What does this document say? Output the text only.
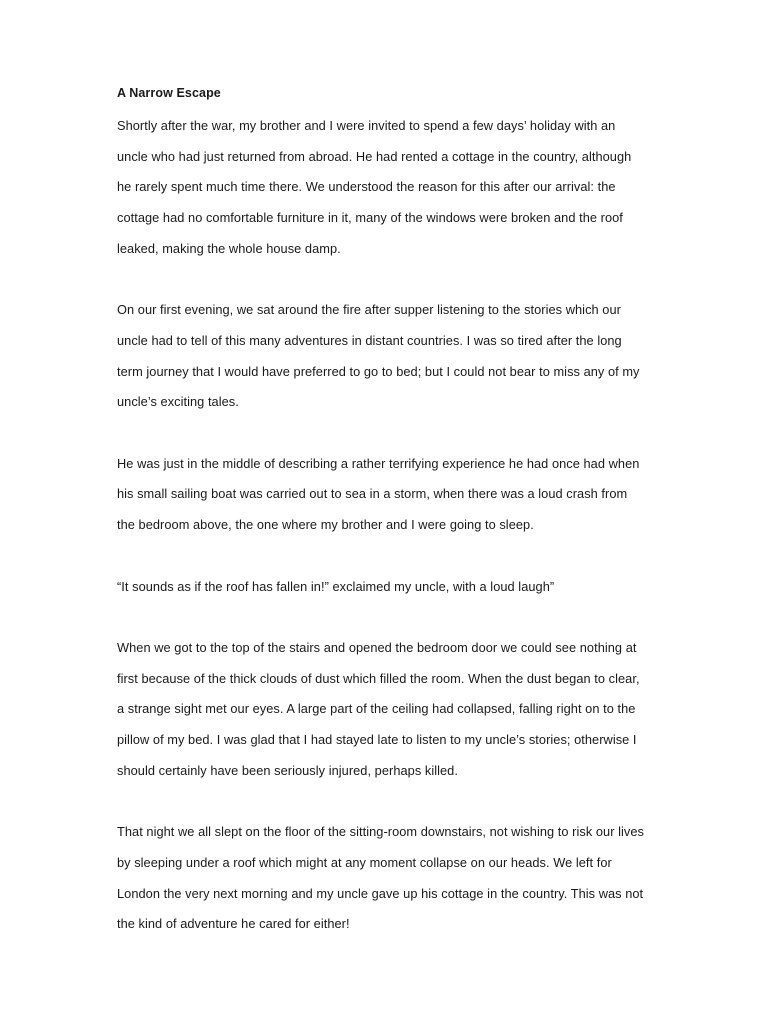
A Narrow Escape

Shortly after the war, my brother and I were invited to spend a few days’ holiday with an

uncle who had just returned from abroad. He had rented a cottage in the country, although

he rarely spent much time there. We understood the reason for this after our arrival: the

cottage had no comfortable furniture in it, many of the windows were broken and the roof

leaked, making the whole house damp.

On our first evening, we sat around the fire after supper listening to the stories which our

uncle had to tell of this many adventures in distant countries. I was so tired after the long

term journey that I would have preferred to go to bed; but I could not bear to miss any of my

uncle’s exciting tales.

He was just in the middle of describing a rather terrifying experience he had once had when

his small sailing boat was carried out to sea in a storm, when there was a loud crash from

the bedroom above, the one where my brother and I were going to sleep.

“It sounds as if the roof has fallen in!” exclaimed my uncle, with a loud laugh”

When we got to the top of the stairs and opened the bedroom door we could see nothing at

first because of the thick clouds of dust which filled the room. When the dust began to clear,

a strange sight met our eyes. A large part of the ceiling had collapsed, falling right on to the

pillow of my bed. I was glad that I had stayed late to listen to my uncle’s stories; otherwise I

should certainly have been seriously injured, perhaps killed.

That night we all slept on the floor of the sitting-room downstairs, not wishing to risk our lives

by sleeping under a roof which might at any moment collapse on our heads. We left for

London the very next morning and my uncle gave up his cottage in the country. This was not

the kind of adventure he cared for either!
